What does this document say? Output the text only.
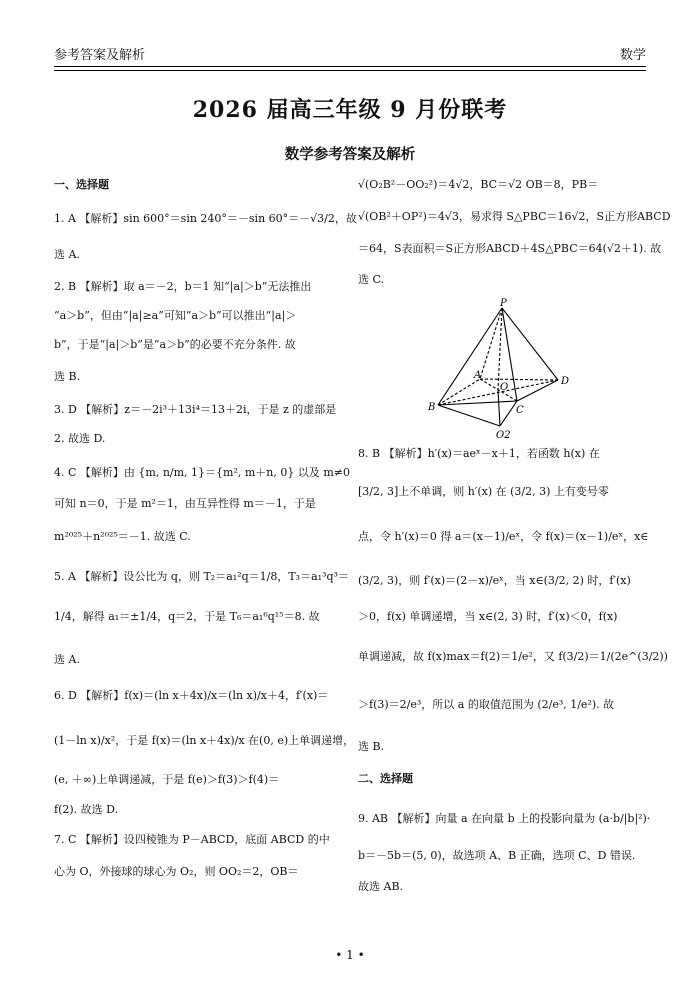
参考答案及解析	数学
2026 届高三年级 9 月份联考
数学参考答案及解析
一、选择题
1. A 【解析】sin 600°＝sin 240°＝－sin 60°＝－√3/2，故
选 A.
2. B 【解析】取 a＝－2，b＝1 知“|a|＞b”无法推出
“a＞b”，但由“|a|≥a”可知“a＞b”可以推出“|a|＞
b”，于是“|a|＞b”是“a＞b”的必要不充分条件. 故
选 B.
3. D 【解析】z＝－2i³＋13i⁴＝13＋2i，于是 z 的虚部是
2. 故选 D.
4. C 【解析】由 {m, n/m, 1}＝{m², m＋n, 0} 以及 m≠0
可知 n＝0，于是 m²＝1，由互异性得 m＝－1，于是
m²⁰²⁵＋n²⁰²⁵＝－1. 故选 C.
5. A 【解析】设公比为 q，则 T₂＝a₁²q＝1/8，T₃＝a₁³q³＝
1/4，解得 a₁＝±1/4，q＝2，于是 T₆＝a₁⁶q¹⁵＝8. 故
选 A.
6. D 【解析】f(x)＝(ln x＋4x)/x＝(ln x)/x＋4，f′(x)＝
(1－ln x)/x²，于是 f(x)＝(ln x＋4x)/x 在(0, e)上单调递增，
(e, ＋∞)上单调递减，于是 f(e)＞f(3)＞f(4)＝
f(2). 故选 D.
7. C 【解析】设四棱锥为 P－ABCD，底面 ABCD 的中
心为 O，外接球的球心为 O₂，则 OO₂＝2，OB＝
√(O₂B²－OO₂²)＝4√2，BC＝√2 OB＝8，PB＝
√(OB²＋OP²)＝4√3，易求得 S△PBC＝16√2，S正方形ABCD
＝64，S表面积＝S正方形ABCD＋4S△PBC＝64(√2＋1). 故
选 C.
8. B 【解析】h′(x)＝aeˣ－x＋1，若函数 h(x) 在
[3/2, 3]上不单调，则 h′(x) 在 (3/2, 3) 上有变号零
点，令 h′(x)＝0 得 a＝(x－1)/eˣ，令 f(x)＝(x－1)/eˣ，x∈
(3/2, 3)，则 f′(x)＝(2－x)/eˣ，当 x∈(3/2, 2) 时，f′(x)
＞0，f(x) 单调递增，当 x∈(2, 3) 时，f′(x)＜0，f(x)
单调递减，故 f(x)max＝f(2)＝1/e²，又 f(3/2)＝1/(2e^(3/2))
＞f(3)＝2/e³，所以 a 的取值范围为 (2/e³, 1/e²). 故
选 B.
二、选择题
9. AB 【解析】向量 a 在向量 b 上的投影向量为 (a·b/|b|²)·
b＝－5b＝(5, 0)，故选项 A、B 正确，选项 C、D 错误.
故选 AB.
P
A
B	C
D
O
O2
• 1 •
